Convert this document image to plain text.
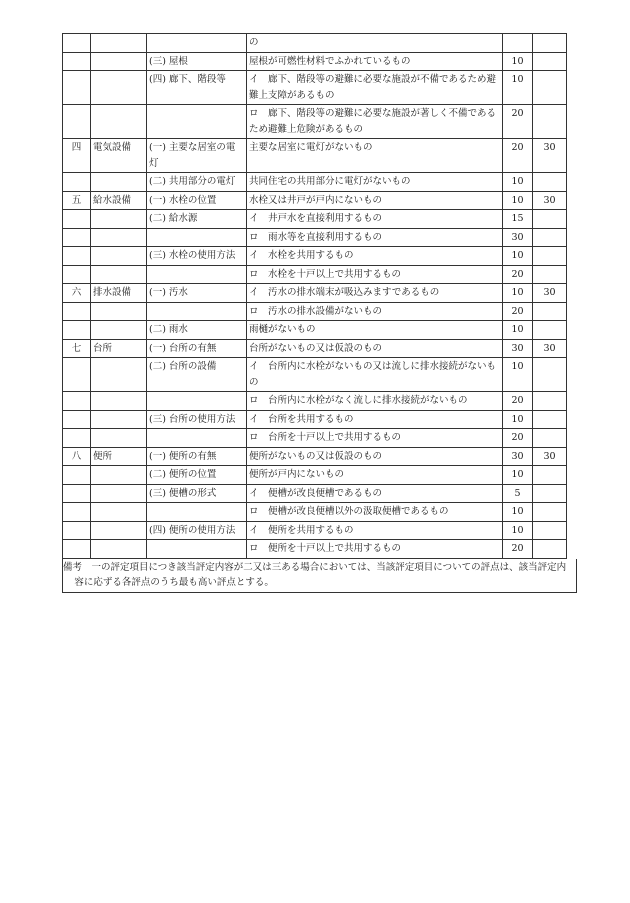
			の		
		(三) 屋根	屋根が可燃性材料でふかれているもの	10	
		(四) 廊下、階段等	イ　廊下、階段等の避難に必要な施設が不備であるため避難上支障があるもの	10	
			ロ　廊下、階段等の避難に必要な施設が著しく不備であるため避難上危険があるもの	20	
四	電気設備	(一) 主要な居室の電灯	主要な居室に電灯がないもの	20	30
		(二) 共用部分の電灯	共同住宅の共用部分に電灯がないもの	10	
五	給水設備	(一) 水栓の位置	水栓又は井戸が戸内にないもの	10	30
		(二) 給水源	イ　井戸水を直接利用するもの	15	
			ロ　雨水等を直接利用するもの	30	
		(三) 水栓の使用方法	イ　水栓を共用するもの	10	
			ロ　水栓を十戸以上で共用するもの	20	
六	排水設備	(一) 汚水	イ　汚水の排水端末が吸込みますであるもの	10	30
			ロ　汚水の排水設備がないもの	20	
		(二) 雨水	雨樋がないもの	10	
七	台所	(一) 台所の有無	台所がないもの又は仮設のもの	30	30
		(二) 台所の設備	イ　台所内に水栓がないもの又は流しに排水接続がないもの	10	
			ロ　台所内に水栓がなく流しに排水接続がないもの	20	
		(三) 台所の使用方法	イ　台所を共用するもの	10	
			ロ　台所を十戸以上で共用するもの	20	
八	便所	(一) 便所の有無	便所がないもの又は仮設のもの	30	30
		(二) 便所の位置	便所が戸内にないもの	10	
		(三) 便槽の形式	イ　便槽が改良便槽であるもの	5	
			ロ　便槽が改良便槽以外の汲取便槽であるもの	10	
		(四) 便所の使用方法	イ　便所を共用するもの	10	
			ロ　便所を十戸以上で共用するもの	20	
備考　一の評定項目につき該当評定内容が二又は三ある場合においては、当該評定項目についての評点は、該当評定内容に応ずる各評点のうち最も高い評点とする。
